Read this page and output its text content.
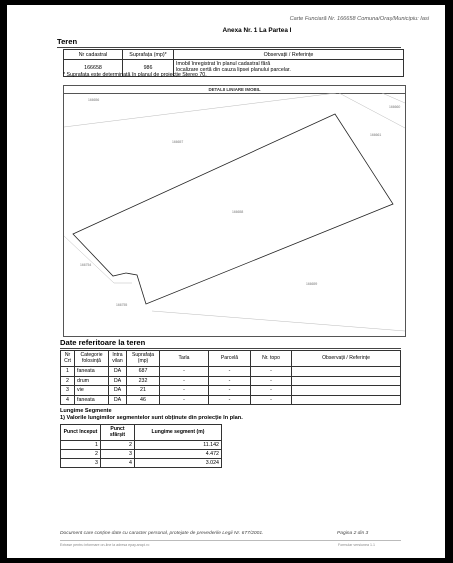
Carte Funciară Nr. 166658 Comuna/Oraș/Municipiu: Iasi
Anexa Nr. 1 La Partea I
Teren
Nr cadastral	Suprafața (mp)*	Observații / Referințe
166658	986	Imobil înregistrat în planul cadastral fără
localizare certă din cauza lipsei planului parcelar.
* Suprafața este determinată în planul de proiecție Stereo 70.
DETALII LINIARE IMOBIL
166656
166657
166660
166661
166658
166754
166659
166755
Date referitoare la teren
Nr Crt	Categorie folosință	Intra vilan	Suprafața (mp)	Tarla	Parcelă	Nr. topo	Observații / Referințe
1	faneata	DA	687	-	-	-	
2	drum	DA	232	-	-	-	
3	vie	DA	21	-	-	-	
4	faneata	DA	46	-	-	-	
Lungime Segmente
1) Valorile lungimilor segmentelor sunt obținute din proiecție în plan.
Punct început	Punct sfârșit	Lungime segment (m)
1	2	11.142
2	3	4.472
3	4	3.024
Document care conține date cu caracter personal, protejate de prevederile Legii Nr. 677/2001.	Pagina 2 din 3
Extrase pentru informare on-line la adresa epay.ancpi.ro	Formular versiunea 1.1
